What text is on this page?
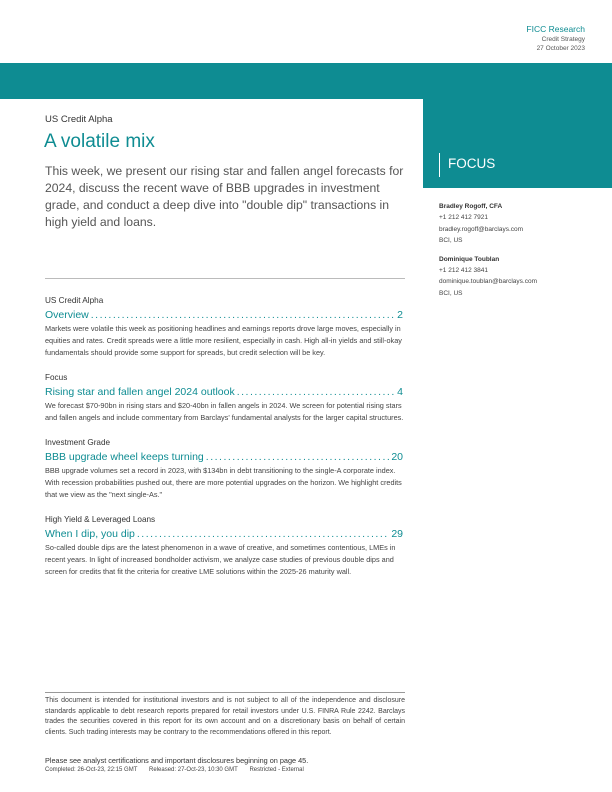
FICC Research
Credit Strategy
27 October 2023
US Credit Alpha
A volatile mix
This week, we present our rising star and fallen angel forecasts for 2024, discuss the recent wave of BBB upgrades in investment grade, and conduct a deep dive into "double dip" transactions in high yield and loans.
FOCUS
Bradley Rogoff, CFA
+1 212 412 7921
bradley.rogoff@barclays.com
BCI, US
Dominique Toublan
+1 212 412 3841
dominique.toublan@barclays.com
BCI, US
US Credit Alpha
Overview .....	2
Markets were volatile this week as positioning headlines and earnings reports drove large moves, especially in equities and rates. Credit spreads were a little more resilient, especially in cash. High all-in yields and still-okay fundamentals should provide some support for spreads, but credit selection will be key.
Focus
Rising star and fallen angel 2024 outlook .....	4
We forecast $70-90bn in rising stars and $20-40bn in fallen angels in 2024. We screen for potential rising stars and fallen angels and include commentary from Barclays' fundamental analysts for the larger capital structures.
Investment Grade
BBB upgrade wheel keeps turning .....	20
BBB upgrade volumes set a record in 2023, with $134bn in debt transitioning to the single-A corporate index. With recession probabilities pushed out, there are more potential upgrades on the horizon. We highlight credits that we view as the "next single-As."
High Yield & Leveraged Loans
When I dip, you dip .....	29
So-called double dips are the latest phenomenon in a wave of creative, and sometimes contentious, LMEs in recent years. In light of increased bondholder activism, we analyze case studies of previous double dips and screen for credits that fit the criteria for creative LME solutions within the 2025-26 maturity wall.
This document is intended for institutional investors and is not subject to all of the independence and disclosure standards applicable to debt research reports prepared for retail investors under U.S. FINRA Rule 2242. Barclays trades the securities covered in this report for its own account and on a discretionary basis on behalf of certain clients. Such trading interests may be contrary to the recommendations offered in this report.
Please see analyst certifications and important disclosures beginning on page 45.
Completed: 26-Oct-23, 22:15 GMT Released: 27-Oct-23, 10:30 GMT Restricted - External
